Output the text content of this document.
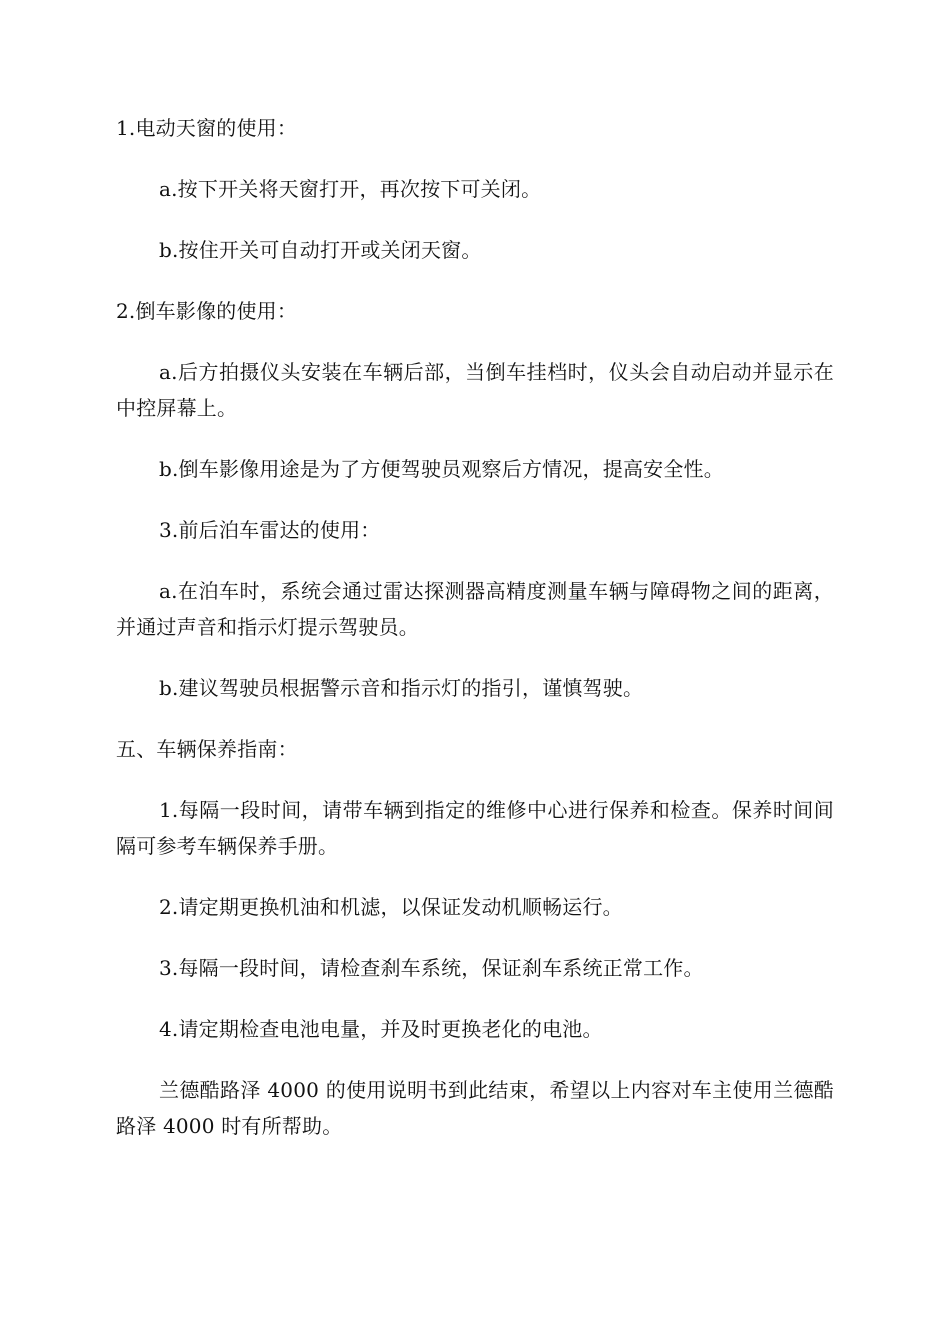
1.电动天窗的使用：

a.按下开关将天窗打开，再次按下可关闭。

b.按住开关可自动打开或关闭天窗。

2.倒车影像的使用：

a.后方拍摄仪头安装在车辆后部，当倒车挂档时，仪头会自动启动并显示在中控屏幕上。

b.倒车影像用途是为了方便驾驶员观察后方情况，提高安全性。

3.前后泊车雷达的使用：

a.在泊车时，系统会通过雷达探测器高精度测量车辆与障碍物之间的距离，并通过声音和指示灯提示驾驶员。

b.建议驾驶员根据警示音和指示灯的指引，谨慎驾驶。

五、车辆保养指南：

1.每隔一段时间，请带车辆到指定的维修中心进行保养和检查。保养时间间隔可参考车辆保养手册。

2.请定期更换机油和机滤，以保证发动机顺畅运行。

3.每隔一段时间，请检查刹车系统，保证刹车系统正常工作。

4.请定期检查电池电量，并及时更换老化的电池。

兰德酷路泽 4000 的使用说明书到此结束，希望以上内容对车主使用兰德酷路泽 4000 时有所帮助。
